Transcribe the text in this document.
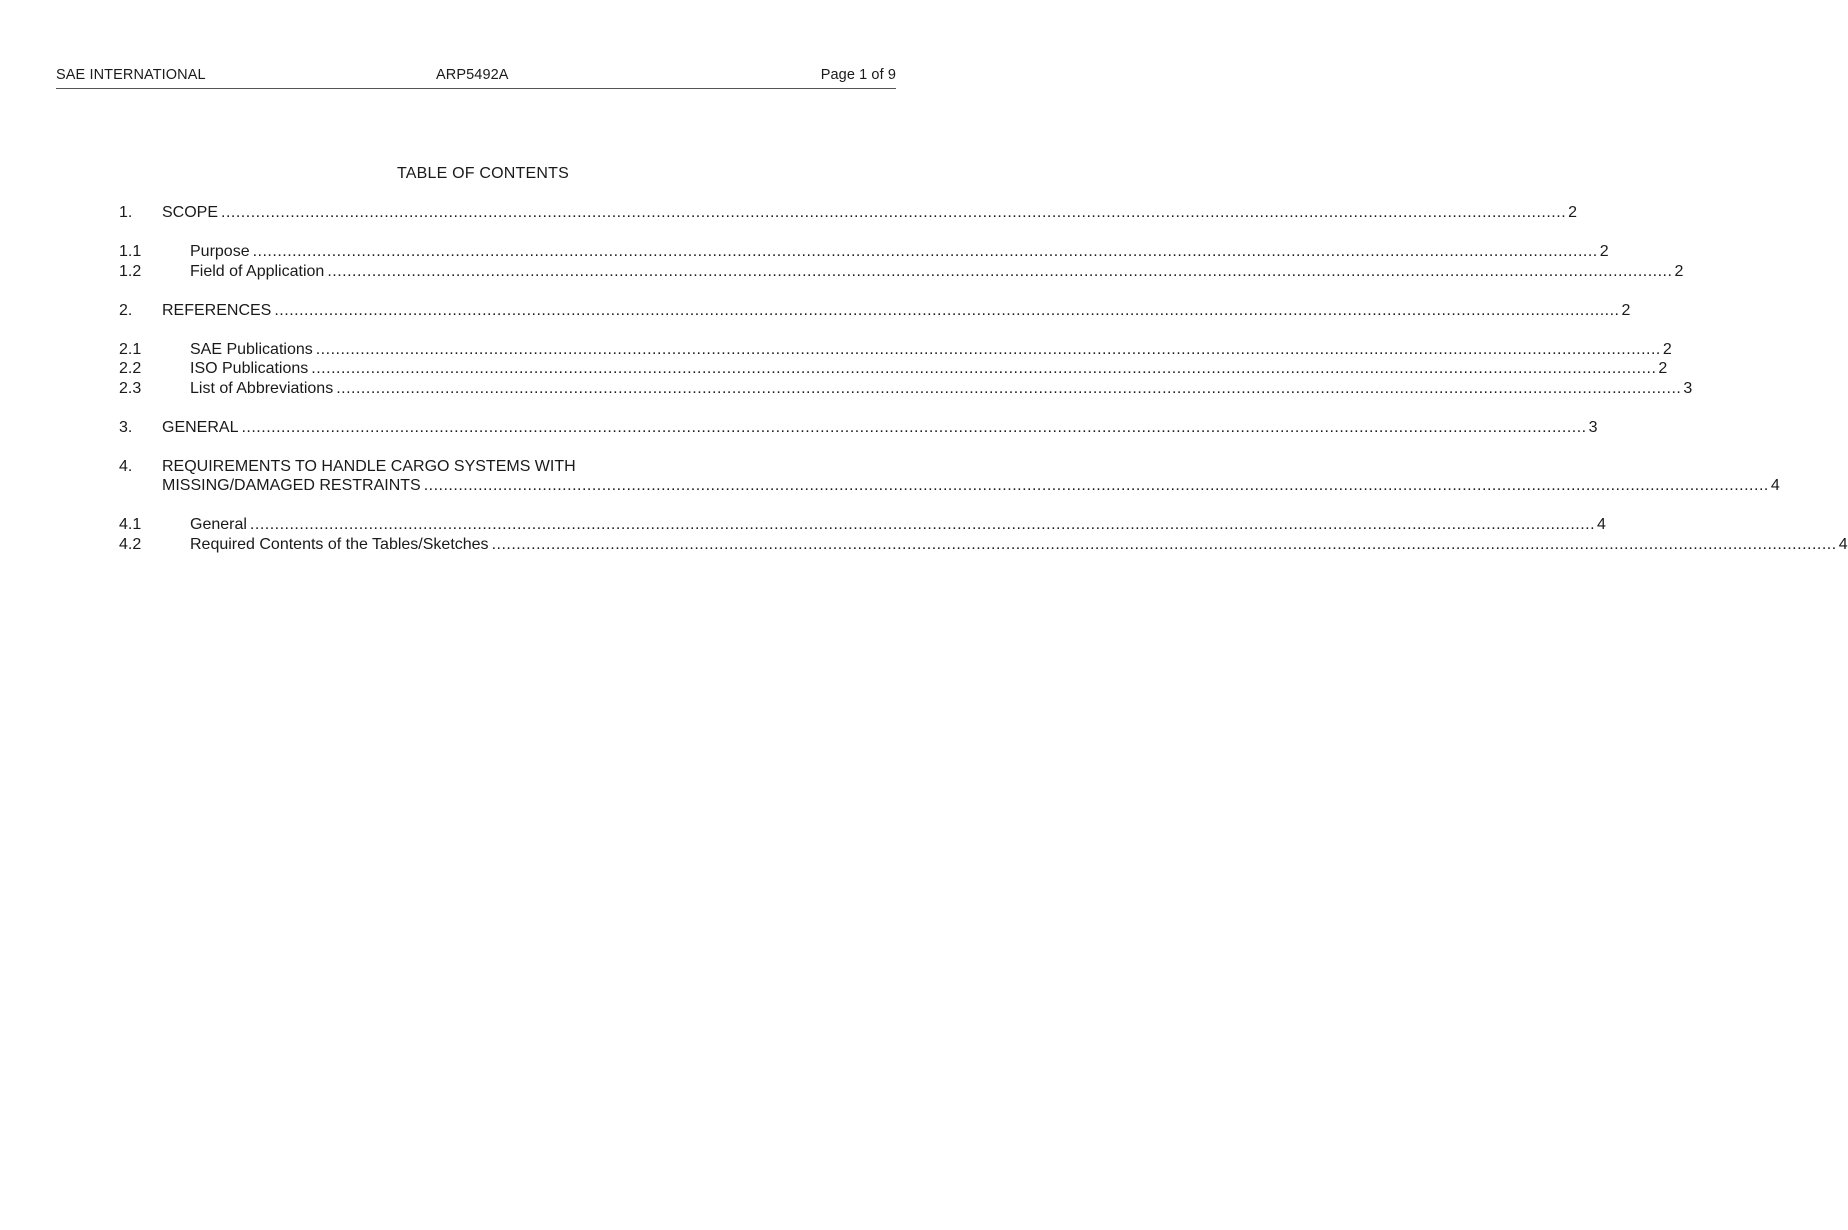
SAE INTERNATIONAL	ARP5492A	Page 1 of 9
TABLE OF CONTENTS
1.	SCOPE .....	2
1.1	Purpose .....	2
1.2	Field of Application .....	2
2.	REFERENCES .....	2
2.1	SAE Publications .....	2
2.2	ISO Publications .....	2
2.3	List of Abbreviations .....	3
3.	GENERAL .....	3
4.	REQUIREMENTS TO HANDLE CARGO SYSTEMS WITH
MISSING/DAMAGED RESTRAINTS .....	4
4.1	General .....	4
4.2	Required Contents of the Tables/Sketches .....	4
